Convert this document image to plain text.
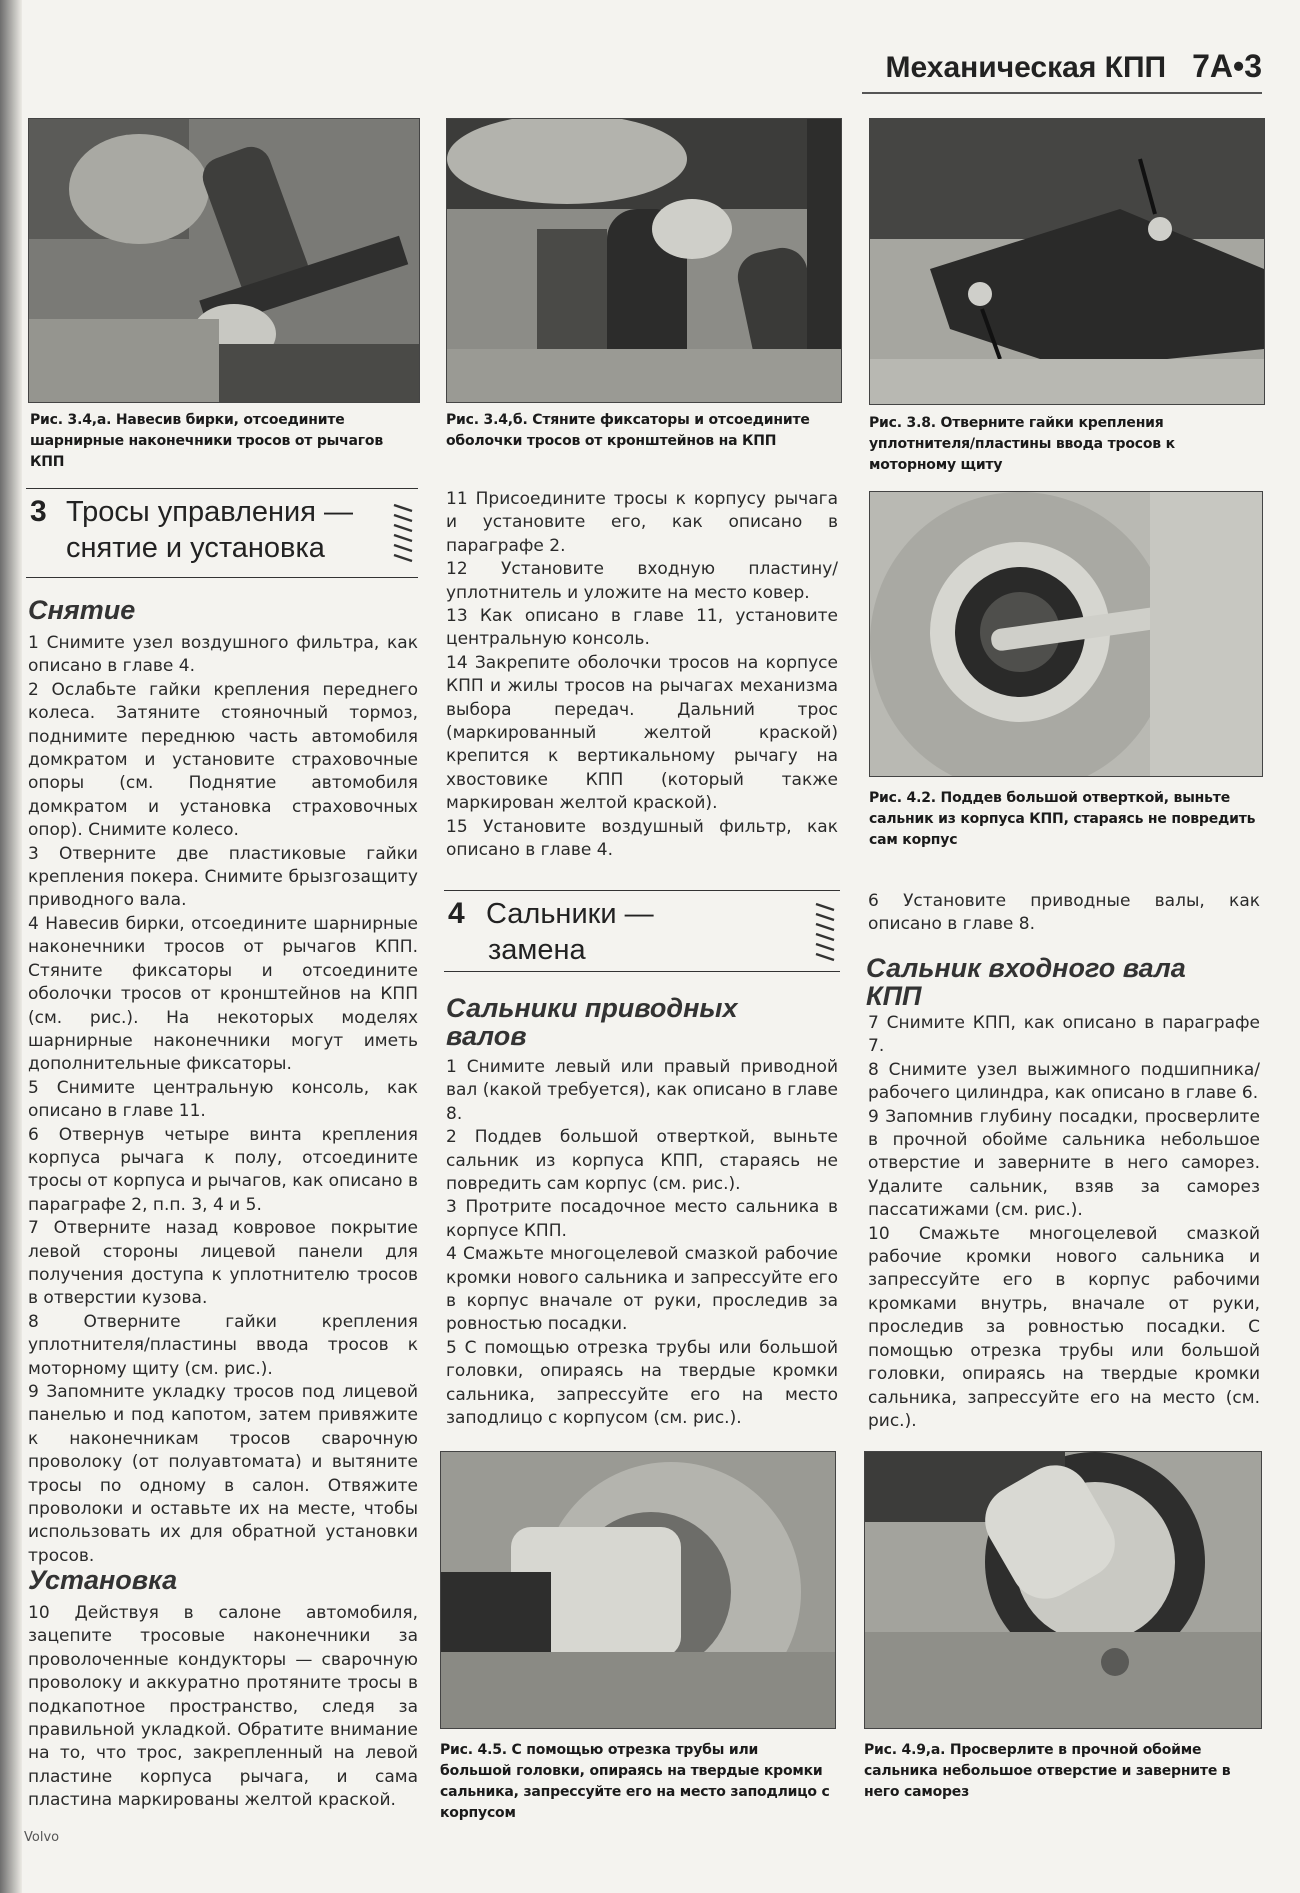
Механическая КПП 7A•3
Рис. 3.4,а. Навесив бирки, отсоедините шарнирные наконечники тросов от рычагов КПП
Рис. 3.4,б. Стяните фиксаторы и отсоедините оболочки тросов от кронштейнов на КПП
Рис. 3.8. Отверните гайки крепления уплотнителя/пластины ввода тросов к моторному щиту
3 Тросы управления —
снятие и установка
Снятие

1 Снимите узел воздушного фильтра, как описано в главе 4.

2 Ослабьте гайки крепления переднего колеса. Затяните стояночный тормоз, поднимите переднюю часть автомобиля домкратом и установите страховочные опоры (см. Поднятие автомобиля домкратом и установка страховочных опор). Снимите колесо.

3 Отверните две пластиковые гайки крепления покера. Снимите брызгозащиту приводного вала.

4 Навесив бирки, отсоедините шарнирные наконечники тросов от рычагов КПП. Стяните фиксаторы и отсоедините оболочки тросов от кронштейнов на КПП (см. рис.). На некоторых моделях шарнирные наконечники могут иметь дополнительные фиксаторы.

5 Снимите центральную консоль, как описано в главе 11.

6 Отвернув четыре винта крепления корпуса рычага к полу, отсоедините тросы от корпуса и рычагов, как описано в параграфе 2, п.п. 3, 4 и 5.

7 Отверните назад ковровое покрытие левой стороны лицевой панели для получения доступа к уплотнителю тросов в отверстии кузова.

8 Отверните гайки крепления уплотнителя/пластины ввода тросов к моторному щиту (см. рис.).

9 Запомните укладку тросов под лицевой панелью и под капотом, затем привяжите к наконечникам тросов сварочную проволоку (от полуавтомата) и вытяните тросы по одному в салон. Отвяжите проволоки и оставьте их на месте, чтобы использовать их для обратной установки тросов.

Установка

10 Действуя в салоне автомобиля, зацепите тросовые наконечники за проволоченные кондукторы — сварочную проволоку и аккуратно протяните тросы в подкапотное пространство, следя за правильной укладкой. Обратите внимание на то, что трос, закрепленный на левой пластине корпуса рычага, и сама пластина маркированы желтой краской.

11 Присоедините тросы к корпусу рычага и установите его, как описано в параграфе 2.

12 Установите входную пластину/уплотнитель и уложите на место ковер.

13 Как описано в главе 11, установите центральную консоль.

14 Закрепите оболочки тросов на корпусе КПП и жилы тросов на рычагах механизма выбора передач. Дальний трос (маркированный желтой краской) крепится к вертикальному рычагу на хвостовике КПП (который также маркирован желтой краской).

15 Установите воздушный фильтр, как описано в главе 4.

4 Сальники —
замена
Сальники приводных валов

1 Снимите левый или правый приводной вал (какой требуется), как описано в главе 8.

2 Поддев большой отверткой, выньте сальник из корпуса КПП, стараясь не повредить сам корпус (см. рис.).

3 Протрите посадочное место сальника в корпусе КПП.

4 Смажьте многоцелевой смазкой рабочие кромки нового сальника и запрессуйте его в корпус вначале от руки, проследив за ровностью посадки.

5 С помощью отрезка трубы или большой головки, опираясь на твердые кромки сальника, запрессуйте его на место заподлицо с корпусом (см. рис.).

Рис. 4.5. С помощью отрезка трубы или большой головки, опираясь на твердые кромки сальника, запрессуйте его на место заподлицо с корпусом
Рис. 4.2. Поддев большой отверткой, выньте сальник из корпуса КПП, стараясь не повредить сам корпус

6 Установите приводные валы, как описано в главе 8.

Сальник входного вала КПП

7 Снимите КПП, как описано в параграфе 7.

8 Снимите узел выжимного подшипника/рабочего цилиндра, как описано в главе 6.

9 Запомнив глубину посадки, просверлите в прочной обойме сальника небольшое отверстие и заверните в него саморез. Удалите сальник, взяв за саморез пассатижами (см. рис.).

10 Смажьте многоцелевой смазкой рабочие кромки нового сальника и запрессуйте его в корпус рабочими кромками внутрь, вначале от руки, проследив за ровностью посадки. С помощью отрезка трубы или большой головки, опираясь на твердые кромки сальника, запрессуйте его на место (см. рис.).

Рис. 4.9,а. Просверлите в прочной обойме сальника небольшое отверстие и заверните в него саморез
Volvo
